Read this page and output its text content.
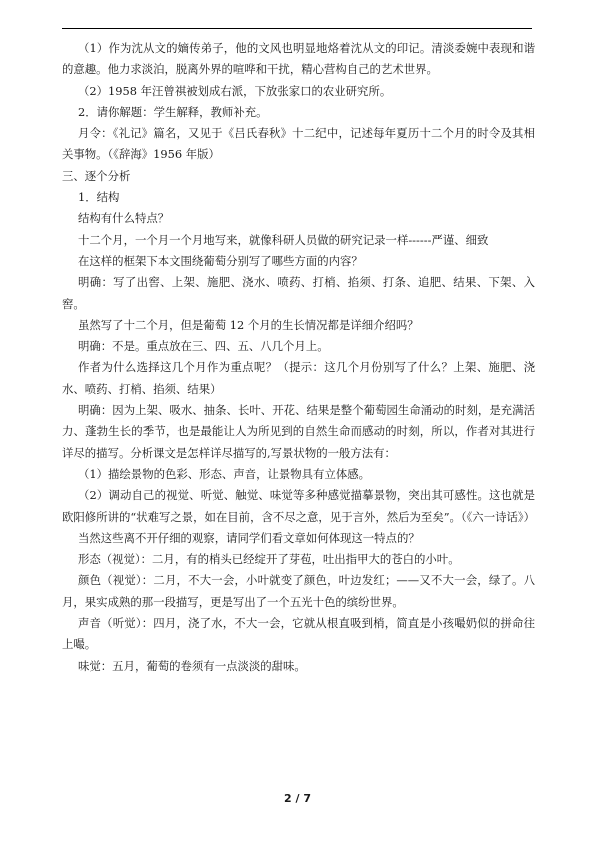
（1）作为沈从文的嫡传弟子，他的文风也明显地烙着沈从文的印记。清淡委婉中表现和谐的意趣。他力求淡泊，脱离外界的喧哗和干扰，精心营构自己的艺术世界。

（2）1958 年汪曾祺被划成右派，下放张家口的农业研究所。

2．请你解题：学生解释，教师补充。

月令：《礼记》篇名，又见于《吕氏春秋》十二纪中，记述每年夏历十二个月的时令及其相关事物。（《辞海》1956 年版）

三、逐个分析

1．结构

结构有什么特点？

十二个月，一个月一个月地写来，就像科研人员做的研究记录一样------严谨、细致

在这样的框架下本文围绕葡萄分别写了哪些方面的内容？

明确：写了出窖、上架、施肥、浇水、喷药、打梢、掐须、打条、追肥、结果、下架、入窖。

虽然写了十二个月，但是葡萄 12 个月的生长情况都是详细介绍吗？

明确：不是。重点放在三、四、五、八几个月上。

作者为什么选择这几个月作为重点呢？（提示：这几个月份别写了什么？上架、施肥、浇水、喷药、打梢、掐须、结果）

明确：因为上架、吸水、抽条、长叶、开花、结果是整个葡萄园生命涌动的时刻，是充满活力、蓬勃生长的季节，也是最能让人为所见到的自然生命而感动的时刻，所以，作者对其进行详尽的描写。分析课文是怎样详尽描写的,写景状物的一般方法有：

（1）描绘景物的色彩、形态、声音，让景物具有立体感。

（2）调动自己的视觉、听觉、触觉、味觉等多种感觉描摹景物，突出其可感性。这也就是欧阳修所讲的“状难写之景，如在目前，含不尽之意，见于言外，然后为至矣”。（《六一诗话》）

当然这些离不开仔细的观察，请同学们看文章如何体现这一特点的？

形态（视觉）：二月，有的梢头已经绽开了芽苞，吐出指甲大的苍白的小叶。

颜色（视觉）：二月，不大一会，小叶就变了颜色，叶边发红；——又不大一会，绿了。八月，果实成熟的那一段描写，更是写出了一个五光十色的缤纷世界。

声音（听觉）：四月，浇了水，不大一会，它就从根直吸到梢，简直是小孩嘬奶似的拼命往上嘬。

味觉：五月，葡萄的卷须有一点淡淡的甜味。

2 / 7
